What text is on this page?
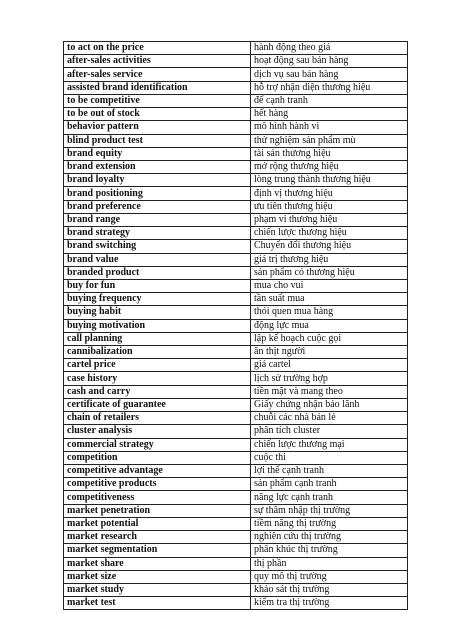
to act on the price	hành động theo giá
after-sales activities	hoạt động sau bán hàng
after-sales service	dịch vụ sau bán hàng
assisted brand identification	hỗ trợ nhận diện thương hiệu
to be competitive	để cạnh tranh
to be out of stock	hết hàng
behavior pattern	mô hình hành vi
blind product test	thử nghiệm sản phẩm mù
brand equity	tài sản thương hiệu
brand extension	mở rộng thương hiệu
brand loyalty	lòng trung thành thương hiệu
brand positioning	định vị thương hiệu
brand preference	ưu tiên thương hiệu
brand range	phạm vi thương hiệu
brand strategy	chiến lược thương hiệu
brand switching	Chuyển đổi thương hiệu
brand value	giá trị thương hiệu
branded product	sản phẩm có thương hiệu
buy for fun	mua cho vui
buying frequency	tần suất mua
buying habit	thói quen mua hàng
buying motivation	động lực mua
call planning	lập kế hoạch cuộc gọi
cannibalization	ăn thịt người
cartel price	giá cartel
case history	lịch sử trường hợp
cash and carry	tiền mặt và mang theo
certificate of guarantee	Giấy chứng nhận bảo lãnh
chain of retailers	chuỗi các nhà bán lẻ
cluster analysis	phân tích cluster
commercial strategy	chiến lược thương mại
competition	cuộc thi
competitive advantage	lợi thế cạnh tranh
competitive products	sản phẩm cạnh tranh
competitiveness	năng lực cạnh tranh
market penetration	sự thâm nhập thị trường
market potential	tiềm năng thị trường
market research	nghiên cứu thị trường
market segmentation	phân khúc thị trường
market share	thị phần
market size	quy mô thị trường
market study	khảo sát thị trường
market test	kiểm tra thị trường
